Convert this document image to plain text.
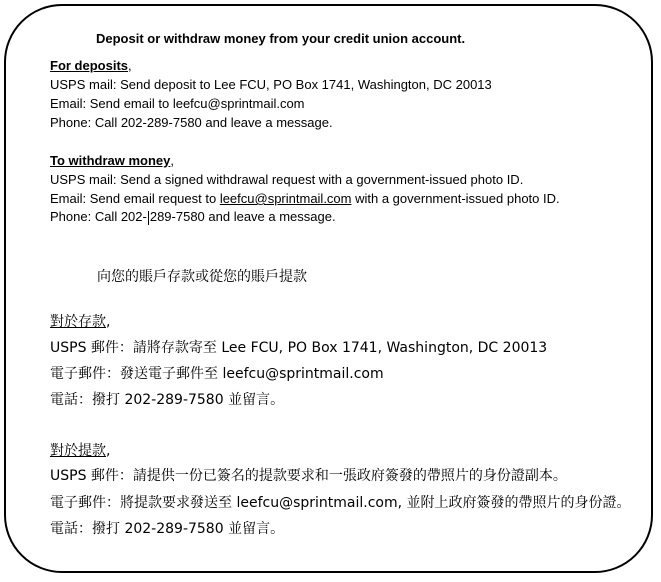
Deposit or withdraw money from your credit union account.
For deposits,
USPS mail: Send deposit to Lee FCU, PO Box 1741, Washington, DC 20013
Email: Send email to leefcu@sprintmail.com
Phone: Call 202-289-7580 and leave a message.
To withdraw money,
USPS mail: Send a signed withdrawal request with a government-issued photo ID.
Email: Send email request to leefcu@sprintmail.com with a government-issued photo ID.
Phone: Call 202- 289-7580 and leave a message.
向您的賬戶存款或從您的賬戶提款
對於存款,
USPS 郵件：請將存款寄至 Lee FCU, PO Box 1741, Washington, DC 20013
電子郵件：發送電子郵件至 leefcu@sprintmail.com
電話：撥打 202-289-7580 並留言。
對於提款,
USPS 郵件：請提供一份已簽名的提款要求和一張政府簽發的帶照片的身份證副本。
電子郵件：將提款要求發送至 leefcu@sprintmail.com, 並附上政府簽發的帶照片的身份證。
電話：撥打 202-289-7580 並留言。
